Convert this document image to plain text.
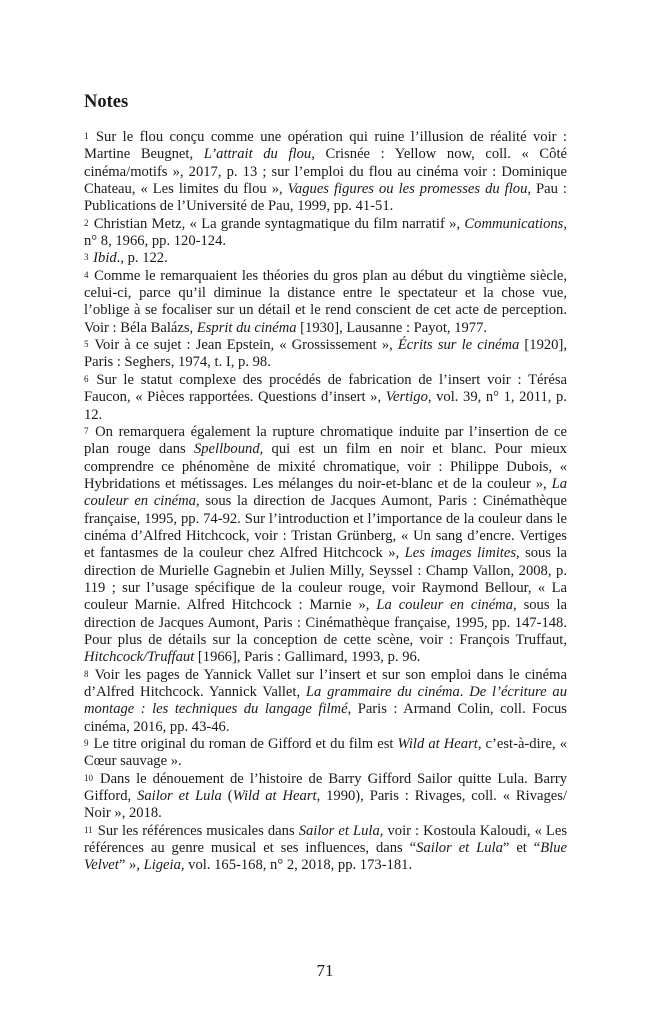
Notes

$^1$ Sur le flou conçu comme une opération qui ruine l’illusion de réalité voir : Martine Beugnet, L’attrait du flou, Crisnée : Yellow now, coll. « Côté cinéma/motifs », 2017, p. 13 ; sur l’emploi du flou au cinéma voir : Dominique Chateau, « Les limites du flou », Vagues figures ou les promesses du flou, Pau : Publications de l’Université de Pau, 1999, pp. 41-51.

$^2$ Christian Metz, « La grande syntagmatique du film narratif », Communications, n° 8, 1966, pp. 120-124.

$^3$ Ibid., p. 122.

$^4$ Comme le remarquaient les théories du gros plan au début du vingtième siècle, celui-ci, parce qu’il diminue la distance entre le spectateur et la chose vue, l’oblige à se focaliser sur un détail et le rend conscient de cet acte de perception. Voir : Béla Balázs, Esprit du cinéma [1930], Lausanne : Payot, 1977.

$^5$ Voir à ce sujet : Jean Epstein, « Grossissement », Écrits sur le cinéma [1920], Paris : Seghers, 1974, t. I, p. 98.

$^6$ Sur le statut complexe des procédés de fabrication de l’insert voir : Térésa Faucon, « Pièces rapportées. Questions d’insert », Vertigo, vol. 39, n° 1, 2011, p. 12.

$^7$ On remarquera également la rupture chromatique induite par l’insertion de ce plan rouge dans Spellbound, qui est un film en noir et blanc. Pour mieux comprendre ce phénomène de mixité chromatique, voir : Philippe Dubois, « Hybridations et métissages. Les mélanges du noir-et-blanc et de la couleur », La couleur en cinéma, sous la direction de Jacques Aumont, Paris : Cinémathèque française, 1995, pp. 74-92. Sur l’introduction et l’importance de la couleur dans le cinéma d’Alfred Hitchcock, voir : Tristan Grünberg, « Un sang d’encre. Vertiges et fantasmes de la couleur chez Alfred Hitchcock », Les images limites, sous la direction de Murielle Gagnebin et Julien Milly, Seyssel : Champ Vallon, 2008, p. 119 ; sur l’usage spécifique de la couleur rouge, voir Raymond Bellour, « La couleur Marnie. Alfred Hitchcock : Marnie », La couleur en cinéma, sous la direction de Jacques Aumont, Paris : Cinémathèque française, 1995, pp. 147-148. Pour plus de détails sur la conception de cette scène, voir : François Truffaut, Hitchcock/Truffaut [1966], Paris : Gallimard, 1993, p. 96.

$^8$ Voir les pages de Yannick Vallet sur l’insert et sur son emploi dans le cinéma d’Alfred Hitchcock. Yannick Vallet, La grammaire du cinéma. De l’écriture au montage : les techniques du langage filmé, Paris : Armand Colin, coll. Focus cinéma, 2016, pp. 43-46.

$^9$ Le titre original du roman de Gifford et du film est Wild at Heart, c’est-à-dire, « Cœur sauvage ».

$^{10}$ Dans le dénouement de l’histoire de Barry Gifford Sailor quitte Lula. Barry Gifford, Sailor et Lula (Wild at Heart, 1990), Paris : Rivages, coll. « Rivages/ Noir », 2018.

$^{11}$ Sur les références musicales dans Sailor et Lula, voir : Kostoula Kaloudi, « Les références au genre musical et ses influences, dans “Sailor et Lula” et “Blue Velvet” », Ligeia, vol. 165-168, n° 2, 2018, pp. 173-181.

71
